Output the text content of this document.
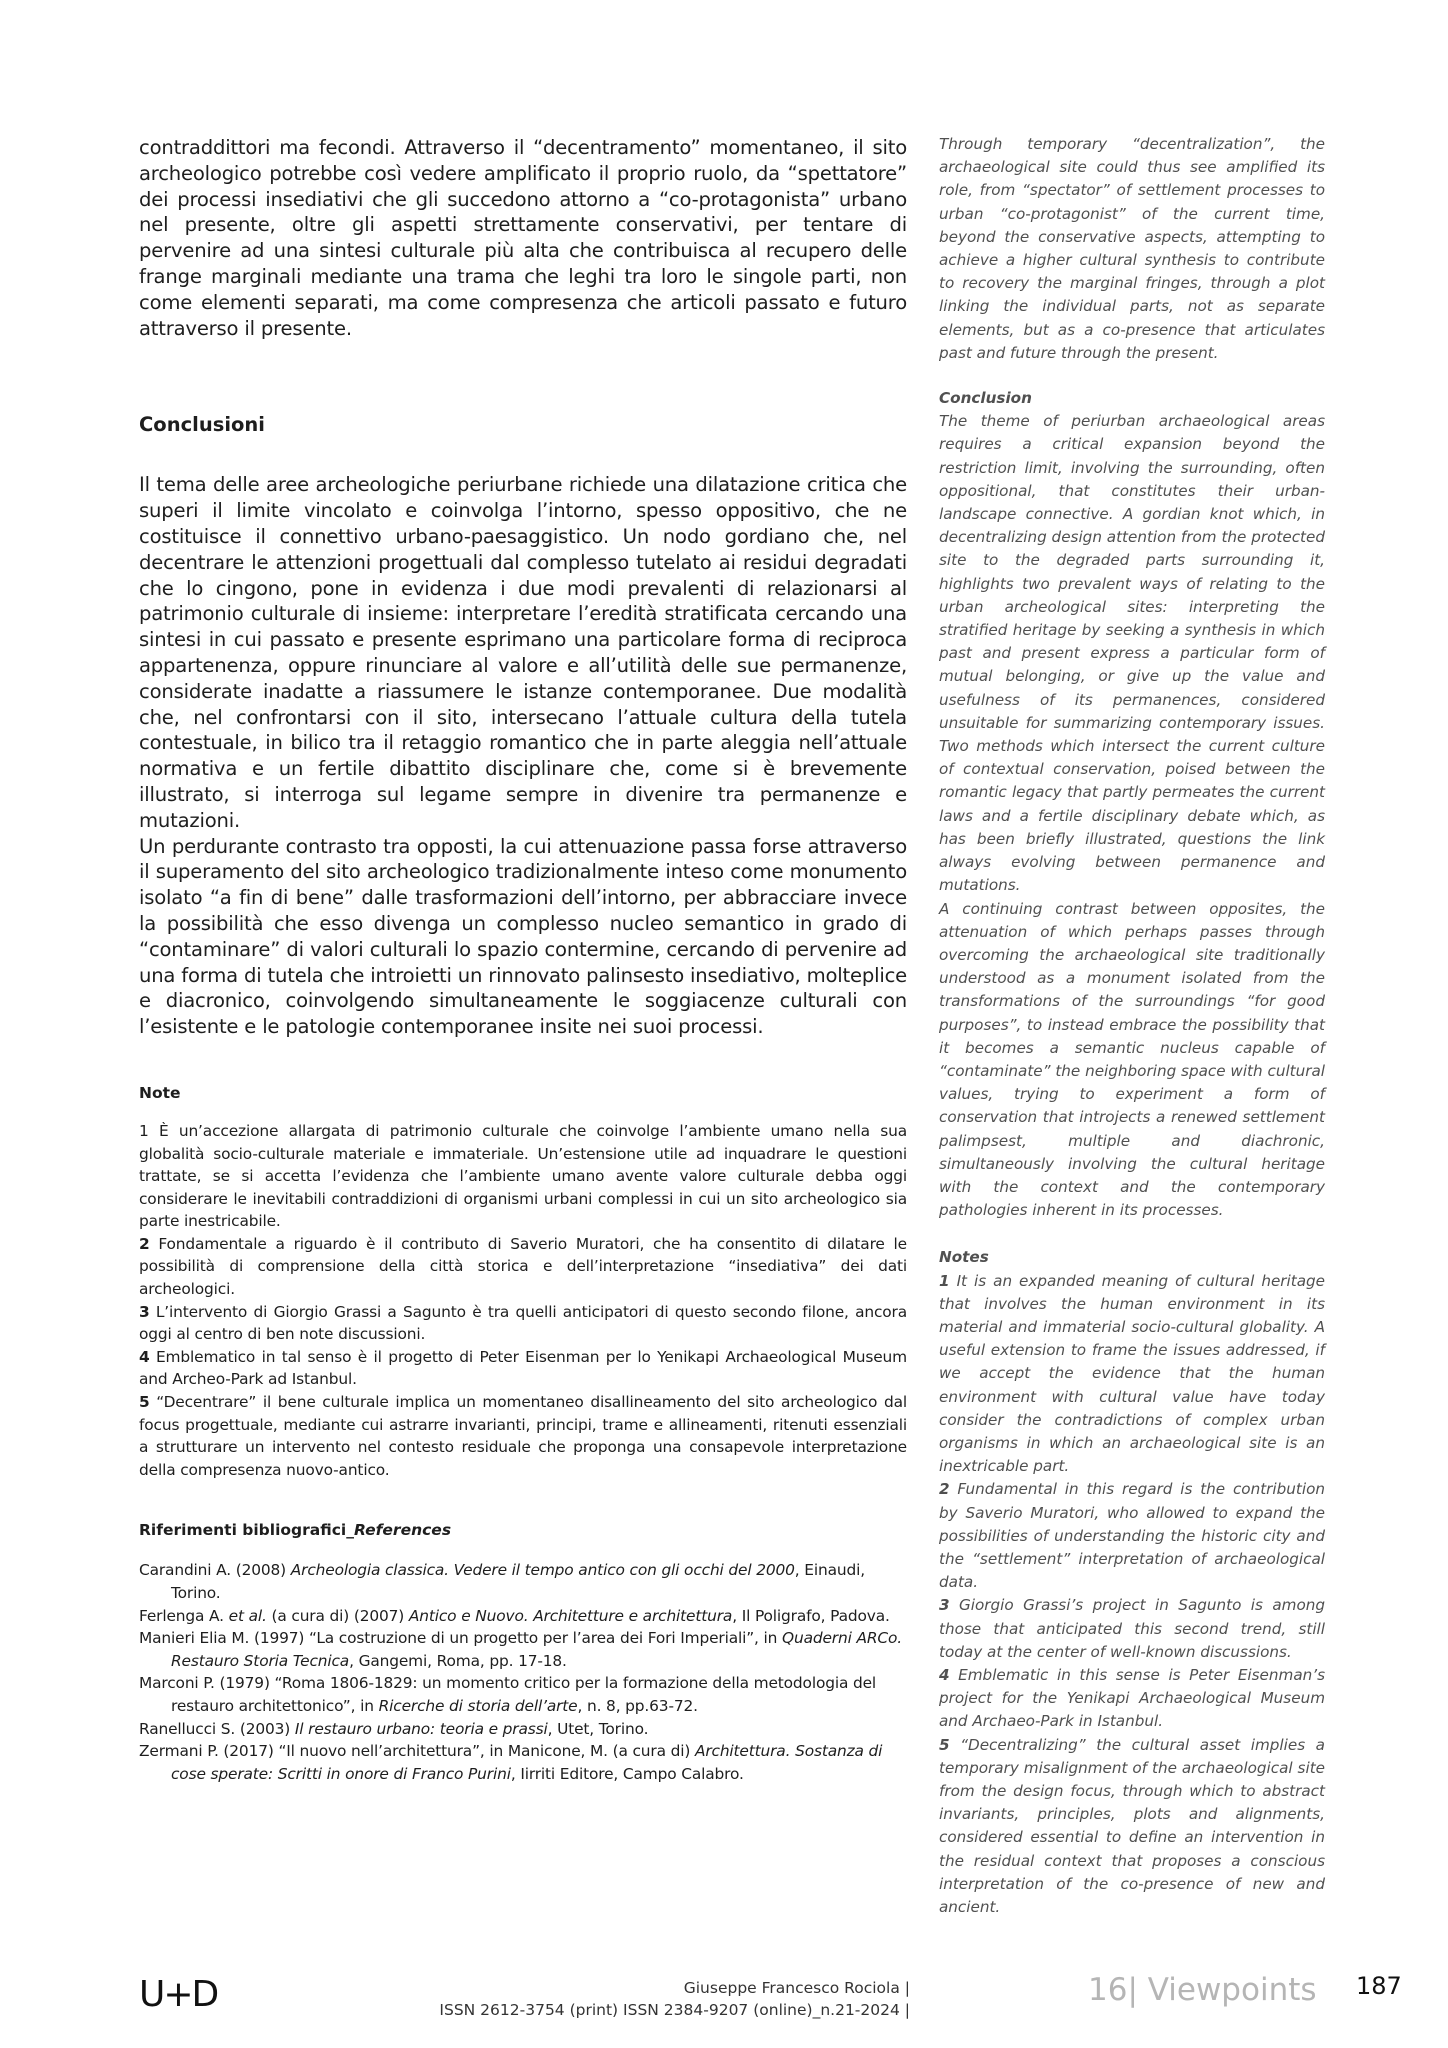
contraddittori ma fecondi. Attraverso il “decentramento” momentaneo, il sito archeologico potrebbe così vedere amplificato il proprio ruolo, da “spettatore” dei processi insediativi che gli succedono attorno a “co-protagonista” urbano nel presente, oltre gli aspetti strettamente conservativi, per tentare di pervenire ad una sintesi culturale più alta che contribuisca al recupero delle frange marginali mediante una trama che leghi tra loro le singole parti, non come elementi separati, ma come compresenza che articoli passato e futuro attraverso il presente.

Conclusioni

Il tema delle aree archeologiche periurbane richiede una dilatazione critica che superi il limite vincolato e coinvolga l’intorno, spesso oppositivo, che ne costituisce il connettivo urbano-paesaggistico. Un nodo gordiano che, nel decentrare le attenzioni progettuali dal complesso tutelato ai residui degradati che lo cingono, pone in evidenza i due modi prevalenti di relazionarsi al patrimonio culturale di insieme: interpretare l’eredità stratificata cercando una sintesi in cui passato e presente esprimano una particolare forma di reciproca appartenenza, oppure rinunciare al valore e all’utilità delle sue permanenze, considerate inadatte a riassumere le istanze contemporanee. Due modalità che, nel confrontarsi con il sito, intersecano l’attuale cultura della tutela contestuale, in bilico tra il retaggio romantico che in parte aleggia nell’attuale normativa e un fertile dibattito disciplinare che, come si è brevemente illustrato, si interroga sul legame sempre in divenire tra permanenze e mutazioni.

Un perdurante contrasto tra opposti, la cui attenuazione passa forse attraverso il superamento del sito archeologico tradizionalmente inteso come monumento isolato “a fin di bene” dalle trasformazioni dell’intorno, per abbracciare invece la possibilità che esso divenga un complesso nucleo semantico in grado di “contaminare” di valori culturali lo spazio contermine, cercando di pervenire ad una forma di tutela che introietti un rinnovato palinsesto insediativo, molteplice e diacronico, coinvolgendo simultaneamente le soggiacenze culturali con l’esistente e le patologie contemporanee insite nei suoi processi.

Note

1 È un’accezione allargata di patrimonio culturale che coinvolge l’ambiente umano nella sua globalità socio-culturale materiale e immateriale. Un’estensione utile ad inquadrare le questioni trattate, se si accetta l’evidenza che l’ambiente umano avente valore culturale debba oggi considerare le inevitabili contraddizioni di organismi urbani complessi in cui un sito archeologico sia parte inestricabile.

2 Fondamentale a riguardo è il contributo di Saverio Muratori, che ha consentito di dilatare le possibilità di comprensione della città storica e dell’interpretazione “insediativa” dei dati archeologici.

3 L’intervento di Giorgio Grassi a Sagunto è tra quelli anticipatori di questo secondo filone, ancora oggi al centro di ben note discussioni.

4 Emblematico in tal senso è il progetto di Peter Eisenman per lo Yenikapi Archaeological Museum and Archeo-Park ad Istanbul.

5 “Decentrare” il bene culturale implica un momentaneo disallineamento del sito archeologico dal focus progettuale, mediante cui astrarre invarianti, principi, trame e allineamenti, ritenuti essenziali a strutturare un intervento nel contesto residuale che proponga una consapevole interpretazione della compresenza nuovo-antico.

Riferimenti bibliografici_References

Carandini A. (2008) Archeologia classica. Vedere il tempo antico con gli occhi del 2000, Einaudi, Torino.

Ferlenga A. et al. (a cura di) (2007) Antico e Nuovo. Architetture e architettura, Il Poligrafo, Padova.

Manieri Elia M. (1997) “La costruzione di un progetto per l’area dei Fori Imperiali”, in Quaderni ARCo. Restauro Storia Tecnica, Gangemi, Roma, pp. 17-18.

Marconi P. (1979) “Roma 1806-1829: un momento critico per la formazione della metodologia del restauro architettonico”, in Ricerche di storia dell’arte, n. 8, pp.63-72.

Ranellucci S. (2003) Il restauro urbano: teoria e prassi, Utet, Torino.

Zermani P. (2017) “Il nuovo nell’architettura”, in Manicone, M. (a cura di) Architettura. Sostanza di cose sperate: Scritti in onore di Franco Purini, Iirriti Editore, Campo Calabro.

Through temporary “decentralization”, the archaeological site could thus see amplified its role, from “spectator” of settlement processes to urban “co-protagonist” of the current time, beyond the conservative aspects, attempting to achieve a higher cultural synthesis to contribute to recovery the marginal fringes, through a plot linking the individual parts, not as separate elements, but as a co-presence that articulates past and future through the present.

Conclusion

The theme of periurban archaeological areas requires a critical expansion beyond the restriction limit, involving the surrounding, often oppositional, that constitutes their urban-landscape connective. A gordian knot which, in decentralizing design attention from the protected site to the degraded parts surrounding it, highlights two prevalent ways of relating to the urban archeological sites: interpreting the stratified heritage by seeking a synthesis in which past and present express a particular form of mutual belonging, or give up the value and usefulness of its permanences, considered unsuitable for summarizing contemporary issues. Two methods which intersect the current culture of contextual conservation, poised between the romantic legacy that partly permeates the current laws and a fertile disciplinary debate which, as has been briefly illustrated, questions the link always evolving between permanence and mutations.

A continuing contrast between opposites, the attenuation of which perhaps passes through overcoming the archaeological site traditionally understood as a monument isolated from the transformations of the surroundings “for good purposes”, to instead embrace the possibility that it becomes a semantic nucleus capable of “contaminate” the neighboring space with cultural values, trying to experiment a form of conservation that introjects a renewed settlement palimpsest, multiple and diachronic, simultaneously involving the cultural heritage with the context and the contemporary pathologies inherent in its processes.

Notes

1 It is an expanded meaning of cultural heritage that involves the human environment in its material and immaterial socio-cultural globality. A useful extension to frame the issues addressed, if we accept the evidence that the human environment with cultural value have today consider the contradictions of complex urban organisms in which an archaeological site is an inextricable part.

2 Fundamental in this regard is the contribution by Saverio Muratori, who allowed to expand the possibilities of understanding the historic city and the “settlement” interpretation of archaeological data.

3 Giorgio Grassi’s project in Sagunto is among those that anticipated this second trend, still today at the center of well-known discussions.

4 Emblematic in this sense is Peter Eisenman’s project for the Yenikapi Archaeological Museum and Archaeo-Park in Istanbul.

5 “Decentralizing” the cultural asset implies a temporary misalignment of the archaeological site from the design focus, through which to abstract invariants, principles, plots and alignments, considered essential to define an intervention in the residual context that proposes a conscious interpretation of the co-presence of new and ancient.

U+D	Giuseppe Francesco Rociola |
ISSN 2612-3754 (print) ISSN 2384-9207 (online)_n.21-2024 |
16| Viewpoints 187
